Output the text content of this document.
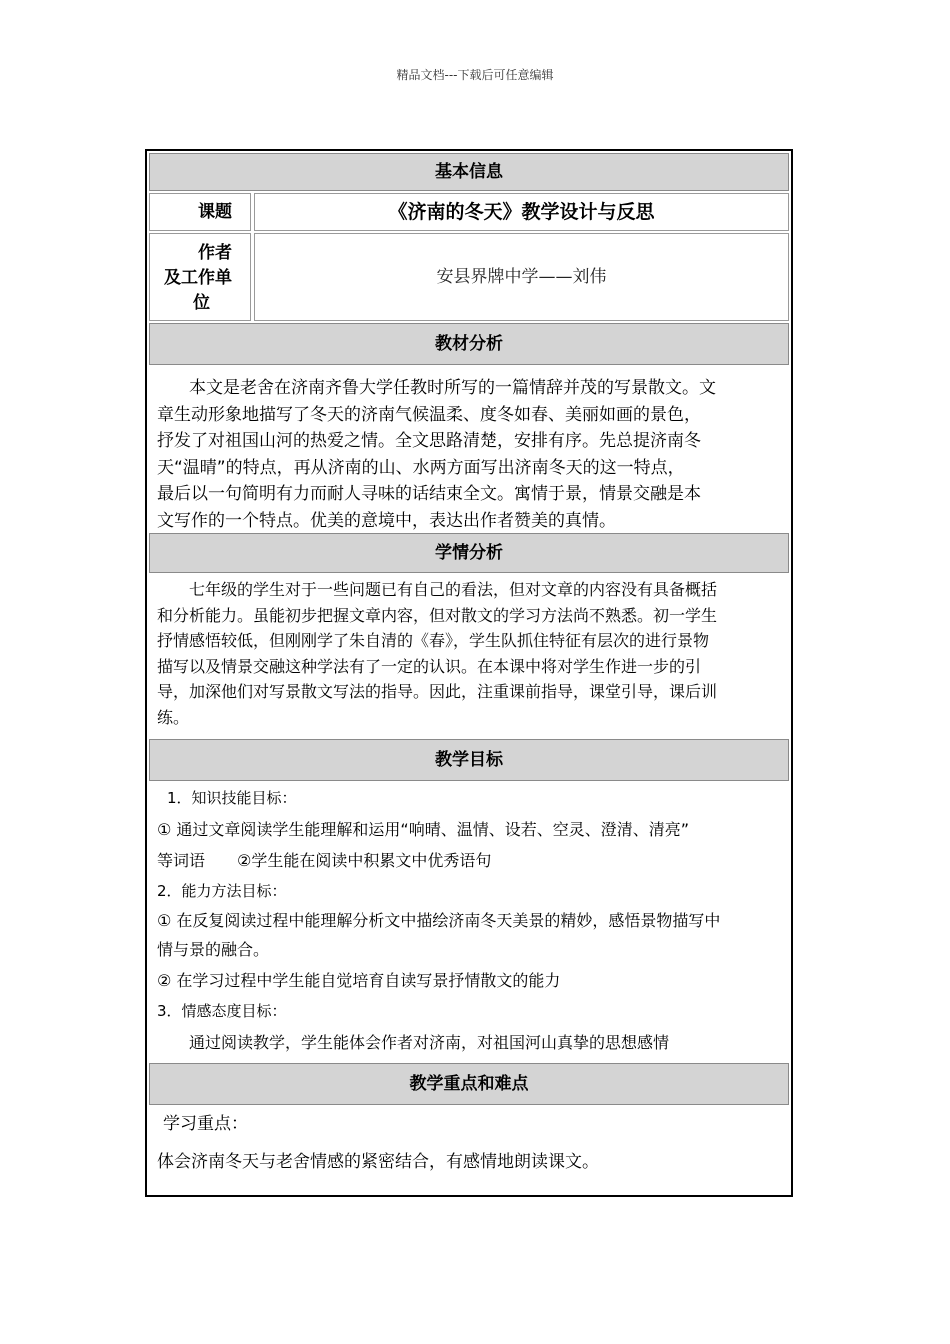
精品文档---下载后可任意编辑
基本信息
课题	《济南的冬天》教学设计与反思
作者
及工作单
位
安县界牌中学——刘伟
教材分析
本文是老舍在济南齐鲁大学任教时所写的一篇情辞并茂的写景散文。文
章生动形象地描写了冬天的济南气候温柔、度冬如春、美丽如画的景色，
抒发了对祖国山河的热爱之情。全文思路清楚，安排有序。先总提济南冬
天“温晴”的特点，再从济南的山、水两方面写出济南冬天的这一特点，
最后以一句简明有力而耐人寻味的话结束全文。寓情于景，情景交融是本
文写作的一个特点。优美的意境中，表达出作者赞美的真情。
学情分析
七年级的学生对于一些问题已有自己的看法，但对文章的内容没有具备概括
和分析能力。虽能初步把握文章内容，但对散文的学习方法尚不熟悉。初一学生
抒情感悟较低，但刚刚学了朱自清的《春》，学生队抓住特征有层次的进行景物
描写以及情景交融这种学法有了一定的认识。在本课中将对学生作进一步的引
导，加深他们对写景散文写法的指导。因此，注重课前指导，课堂引导，课后训
练。
教学目标
1．知识技能目标：
① 通过文章阅读学生能理解和运用“响晴、温情、设若、空灵、澄清、清亮”
等词语　　②学生能在阅读中积累文中优秀语句
2．能力方法目标：
① 在反复阅读过程中能理解分析文中描绘济南冬天美景的精妙，感悟景物描写中
情与景的融合。
② 在学习过程中学生能自觉培育自读写景抒情散文的能力
3．情感态度目标：
通过阅读教学，学生能体会作者对济南，对祖国河山真挚的思想感情
教学重点和难点
学习重点：
体会济南冬天与老舍情感的紧密结合，有感情地朗读课文。
